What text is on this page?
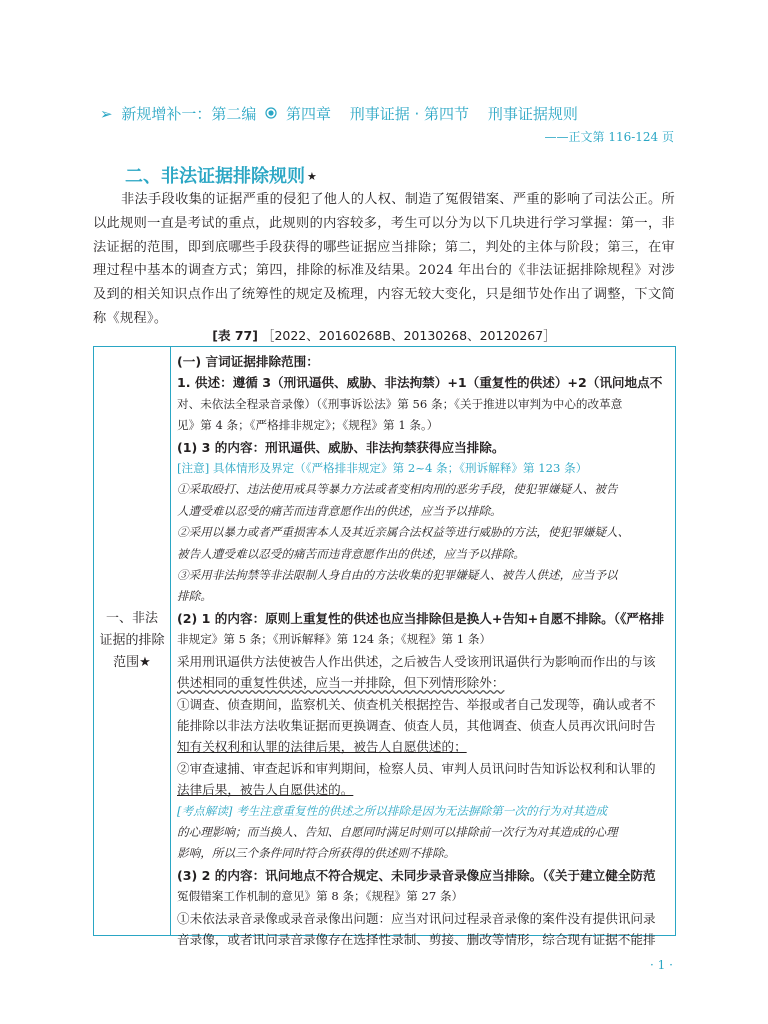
➢ 新规增补一：第二编 第四章 刑事证据 · 第四节 刑事证据规则
——正文第 116-124 页
二、非法证据排除规则 ★
非法手段收集的证据严重的侵犯了他人的人权、制造了冤假错案、严重的影响了司法公正。所以此规则一直是考试的重点，此规则的内容较多，考生可以分为以下几块进行学习掌握：第一，非法证据的范围，即到底哪些手段获得的哪些证据应当排除；第二，判处的主体与阶段；第三，在审理过程中基本的调查方式；第四，排除的标准及结果。2024 年出台的《非法证据排除规程》对涉及到的相关知识点作出了统筹性的规定及梳理，内容无较大变化，只是细节处作出了调整，下文简称《规程》。
[表 77] ［2022、20160268B、20130268、20120267］
一、非法
证据的排除
范围★
(一) 言词证据排除范围：
1. 供述：遵循 3（刑讯逼供、威胁、非法拘禁）+1（重复性的供述）+2（讯问地点不
对、未依法全程录音录像）（《刑事诉讼法》第 56 条；《关于推进以审判为中心的改革意
见》第 4 条；《严格排非规定》；《规程》第 1 条。）
(1) 3 的内容：刑讯逼供、威胁、非法拘禁获得应当排除。
[注意] 具体情形及界定（《严格排非规定》第 2~4 条；《刑诉解释》第 123 条）
①采取殴打、违法使用戒具等暴力方法或者变相肉刑的恶劣手段，使犯罪嫌疑人、被告
人遭受难以忍受的痛苦而违背意愿作出的供述，应当予以排除。
②采用以暴力或者严重损害本人及其近亲属合法权益等进行威胁的方法，使犯罪嫌疑人、
被告人遭受难以忍受的痛苦而违背意愿作出的供述，应当予以排除。
③采用非法拘禁等非法限制人身自由的方法收集的犯罪嫌疑人、被告人供述，应当予以
排除。
(2) 1 的内容：原则上重复性的供述也应当排除但是换人+告知+自愿不排除。（《严格排
非规定》第 5 条；《刑诉解释》第 124 条；《规程》第 1 条）
采用刑讯逼供方法使被告人作出供述，之后被告人受该刑讯逼供行为影响而作出的与该
供述相同的重复性供述，应当一并排除，但下列情形除外：
①调查、侦查期间，监察机关、侦查机关根据控告、举报或者自己发现等，确认或者不
能排除以非法方法收集证据而更换调查、侦查人员，其他调查、侦查人员再次讯问时告
知有关权利和认罪的法律后果，被告人自愿供述的；
②审查逮捕、审查起诉和审判期间，检察人员、审判人员讯问时告知诉讼权利和认罪的
法律后果，被告人自愿供述的。
[考点解读] 考生注意重复性的供述之所以排除是因为无法摒除第一次的行为对其造成
的心理影响；而当换人、告知、自愿同时满足时则可以排除前一次行为对其造成的心理
影响，所以三个条件同时符合所获得的供述则不排除。
(3) 2 的内容：讯问地点不符合规定、未同步录音录像应当排除。（《关于建立健全防范
冤假错案工作机制的意见》第 8 条；《规程》第 27 条）
①未依法录音录像或录音录像出问题：应当对讯问过程录音录像的案件没有提供讯问录
音录像，或者讯问录音录像存在选择性录制、剪接、删改等情形，综合现有证据不能排
· 1 ·
